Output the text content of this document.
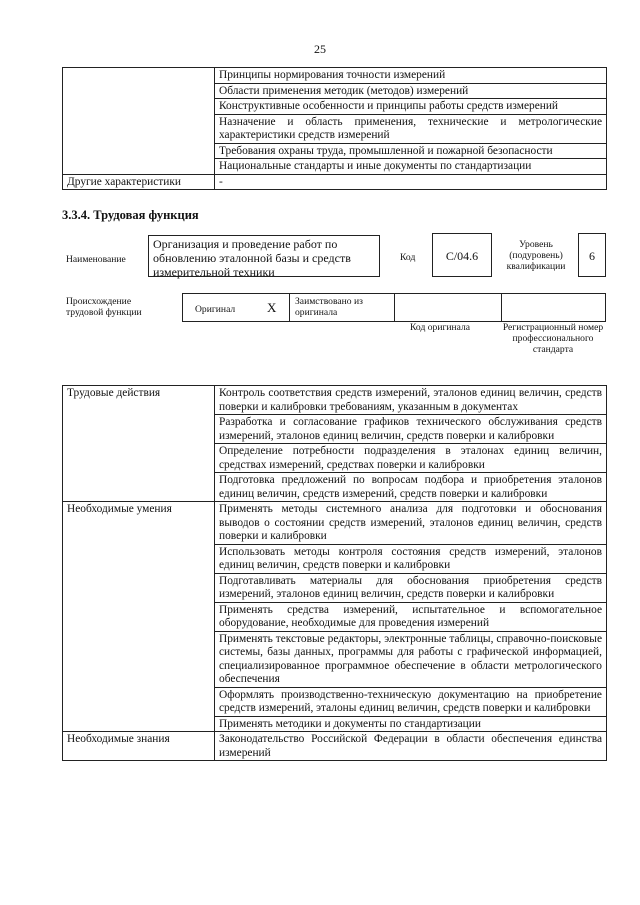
25
	Принципы нормирования точности измерений
	Области применения методик (методов) измерений
	Конструктивные особенности и принципы работы средств измерений
	Назначение и область применения, технические и метрологические характеристики средств измерений
	Требования охраны труда, промышленной и пожарной безопасности
	Национальные стандарты и иные документы по стандартизации
Другие характеристики	-
3.3.4. Трудовая функция
Наименование
Организация и проведение работ по обновлению эталонной базы и средств измерительной техники
Код	С/04.6
Уровень (подуровень) квалификации
6
Происхождение трудовой функции	Оригинал X Заимствовано из оригинала
Код оригинала	Регистрационный номер профессионального стандарта
Трудовые действия	Контроль соответствия средств измерений, эталонов единиц величин, средств поверки и калибровки требованиям, указанным в документах
	Разработка и согласование графиков технического обслуживания средств измерений, эталонов единиц величин, средств поверки и калибровки
	Определение потребности подразделения в эталонах единиц величин, средствах измерений, средствах поверки и калибровки
	Подготовка предложений по вопросам подбора и приобретения эталонов единиц величин, средств измерений, средств поверки и калибровки
Необходимые умения	Применять методы системного анализа для подготовки и обоснования выводов о состоянии средств измерений, эталонов единиц величин, средств поверки и калибровки
	Использовать методы контроля состояния средств измерений, эталонов единиц величин, средств поверки и калибровки
	Подготавливать материалы для обоснования приобретения средств измерений, эталонов единиц величин, средств поверки и калибровки
	Применять средства измерений, испытательное и вспомогательное оборудование, необходимые для проведения измерений
	Применять текстовые редакторы, электронные таблицы, справочно-поисковые системы, базы данных, программы для работы с графической информацией, специализированное программное обеспечение в области метрологического обеспечения
	Оформлять производственно-техническую документацию на приобретение средств измерений, эталоны единиц величин, средств поверки и калибровки
	Применять методики и документы по стандартизации
Необходимые знания	Законодательство Российской Федерации в области обеспечения единства измерений
